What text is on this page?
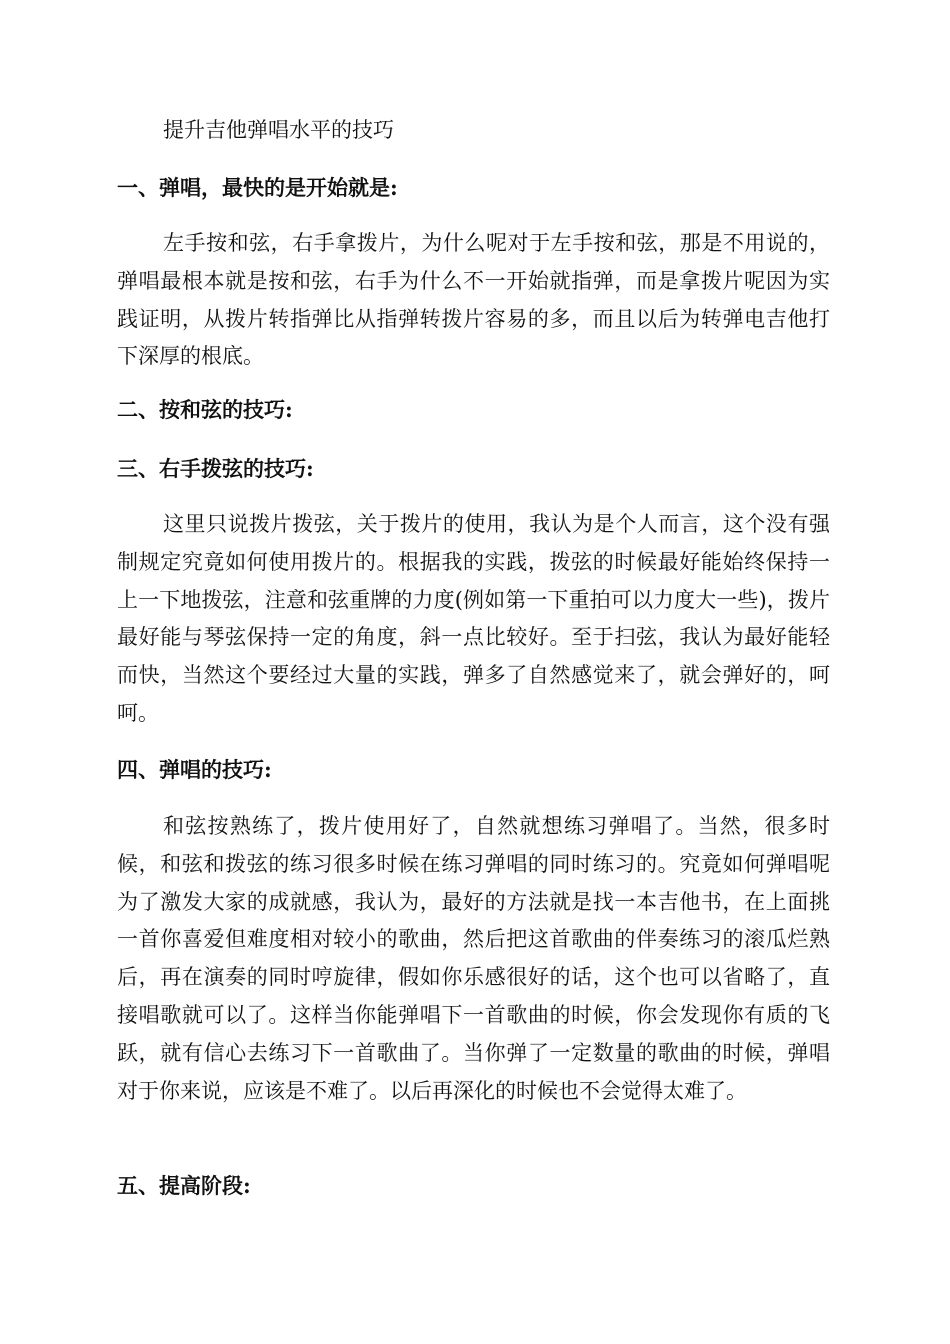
提升吉他弹唱水平的技巧
一、弹唱，最快的是开始就是:

左手按和弦，右手拿拨片，为什么呢对于左手按和弦，那是不用说的，弹唱最根本就是按和弦，右手为什么不一开始就指弹，而是拿拨片呢因为实践证明，从拨片转指弹比从指弹转拨片容易的多，而且以后为转弹电吉他打下深厚的根底。

二、按和弦的技巧:
三、右手拨弦的技巧:

这里只说拨片拨弦，关于拨片的使用，我认为是个人而言，这个没有强制规定究竟如何使用拨片的。根据我的实践，拨弦的时候最好能始终保持一上一下地拨弦，注意和弦重牌的力度(例如第一下重拍可以力度大一些)，拨片最好能与琴弦保持一定的角度，斜一点比较好。至于扫弦，我认为最好能轻而快，当然这个要经过大量的实践，弹多了自然感觉来了，就会弹好的，呵呵。

四、弹唱的技巧:

和弦按熟练了，拨片使用好了，自然就想练习弹唱了。当然，很多时候，和弦和拨弦的练习很多时候在练习弹唱的同时练习的。究竟如何弹唱呢为了激发大家的成就感，我认为，最好的方法就是找一本吉他书，在上面挑一首你喜爱但难度相对较小的歌曲，然后把这首歌曲的伴奏练习的滚瓜烂熟后，再在演奏的同时哼旋律，假如你乐感很好的话，这个也可以省略了，直接唱歌就可以了。这样当你能弹唱下一首歌曲的时候，你会发现你有质的飞跃，就有信心去练习下一首歌曲了。当你弹了一定数量的歌曲的时候，弹唱对于你来说，应该是不难了。以后再深化的时候也不会觉得太难了。

五、提高阶段:
